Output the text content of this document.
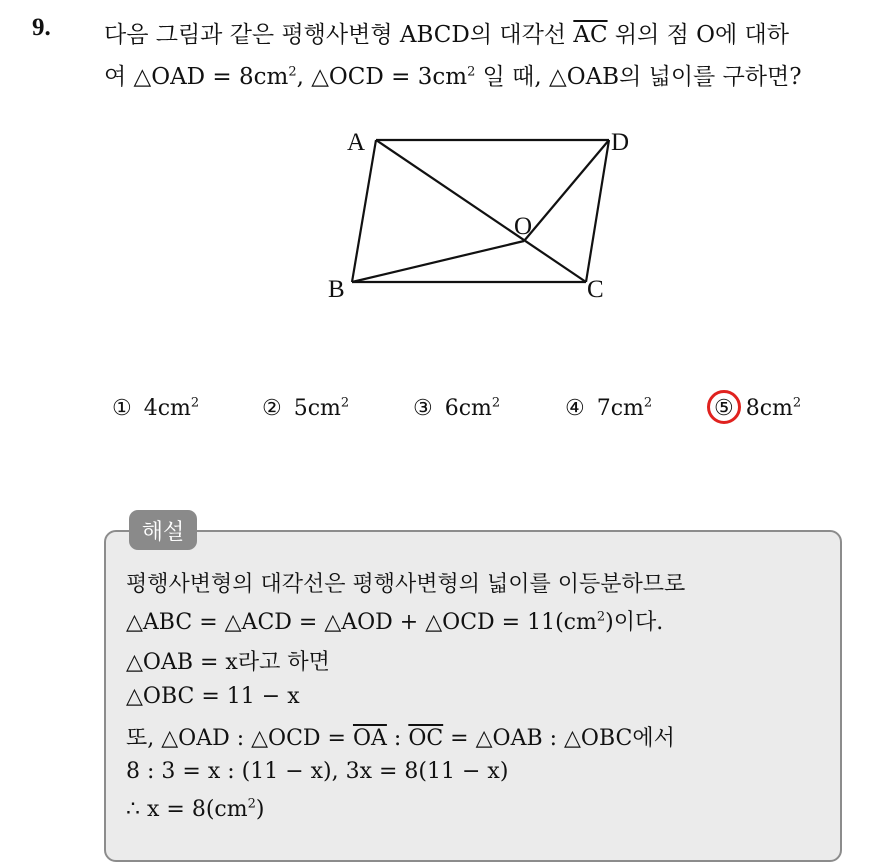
9. 다음 그림과 같은 평행사변형 ABCD의 대각선 $\overline{AC}$ 위의 점 O에 대하
여 △OAD = $8cm^2$, △OCD = $3cm^2$ 일 때, △OAB의 넓이를 구하면?
A	D
O
B	C
① $4cm^2$	② $5cm^2$	③ $6cm^2$	④ $7cm^2$	⑤ $8cm^2$
해설
평행사변형의 대각선은 평행사변형의 넓이를 이등분하므로
△ABC = △ACD = △AOD + △OCD = $11(cm^2)$이다.
△OAB = x라고 하면
△OBC = 11 − x
또, △OAD : △OCD = $\overline{OA}$ : $\overline{OC}$ = △OAB : △OBC에서
8 : 3 = x : (11 − x), 3x = 8(11 − x)
∴ $x = 8(cm^2)$
